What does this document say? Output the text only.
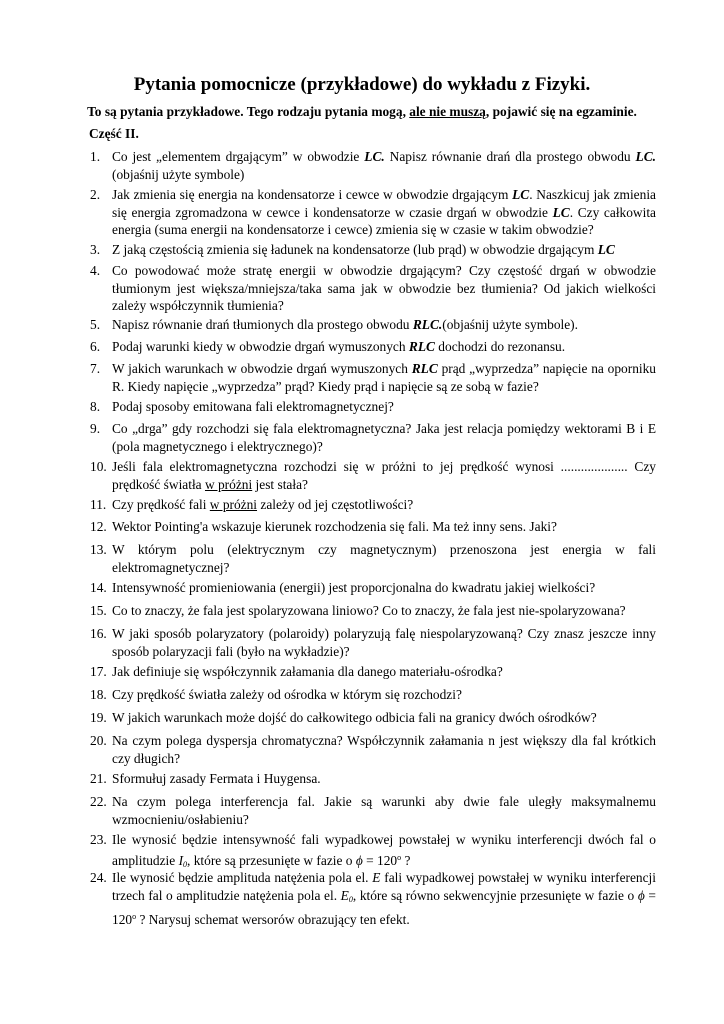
Pytania pomocnicze (przykładowe) do wykładu z Fizyki.

To są pytania przykładowe. Tego rodzaju pytania mogą, ale nie muszą, pojawić się na egzaminie.

Część II.

1. Co jest „elementem drgającym” w obwodzie LC. Napisz równanie drań dla prostego obwodu LC.(objaśnij użyte symbole)
2. Jak zmienia się energia na kondensatorze i cewce w obwodzie drgającym LC. Naszkicuj jak zmienia się energia zgromadzona w cewce i kondensatorze w czasie drgań w obwodzie LC. Czy całkowita energia (suma energii na kondensatorze i cewce) zmienia się w czasie w takim obwodzie?
3. Z jaką częstością zmienia się ładunek na kondensatorze (lub prąd) w obwodzie drgającym LC
4. Co powodować może stratę energii w obwodzie drgającym? Czy częstość drgań w obwodzie tłumionym jest większa/mniejsza/taka sama jak w obwodzie bez tłumienia? Od jakich wielkości zależy współczynnik tłumienia?
5. Napisz równanie drań tłumionych dla prostego obwodu RLC.(objaśnij użyte symbole).
6. Podaj warunki kiedy w obwodzie drgań wymuszonych RLC dochodzi do rezonansu.
7. W jakich warunkach w obwodzie drgań wymuszonych RLC prąd „wyprzedza” napięcie na oporniku R. Kiedy napięcie „wyprzedza” prąd? Kiedy prąd i napięcie są ze sobą w fazie?
8. Podaj sposoby emitowana fali elektromagnetycznej?
9. Co „drga” gdy rozchodzi się fala elektromagnetyczna? Jaka jest relacja pomiędzy wektorami B i E (pola magnetycznego i elektrycznego)?
10. Jeśli fala elektromagnetyczna rozchodzi się w próżni to jej prędkość wynosi .................... Czy prędkość światła w próżni jest stała?
11. Czy prędkość fali w próżni zależy od jej częstotliwości?
12. Wektor Pointing'a wskazuje kierunek rozchodzenia się fali. Ma też inny sens. Jaki?
13. W którym polu (elektrycznym czy magnetycznym) przenoszona jest energia w fali elektromagnetycznej?
14. Intensywność promieniowania (energii) jest proporcjonalna do kwadratu jakiej wielkości?
15. Co to znaczy, że fala jest spolaryzowana liniowo? Co to znaczy, że fala jest nie-spolaryzowana?
16. W jaki sposób polaryzatory (polaroidy) polaryzują falę niespolaryzowaną? Czy znasz jeszcze inny sposób polaryzacji fali (było na wykładzie)?
17. Jak definiuje się współczynnik załamania dla danego materiału-ośrodka?
18. Czy prędkość światła zależy od ośrodka w którym się rozchodzi?
19. W jakich warunkach może dojść do całkowitego odbicia fali na granicy dwóch ośrodków?
20. Na czym polega dyspersja chromatyczna? Współczynnik załamania n jest większy dla fal krótkich czy długich?
21. Sformułuj zasady Fermata i Huygensa.
22. Na czym polega interferencja fal. Jakie są warunki aby dwie fale uległy maksymalnemu wzmocnieniu/osłabieniu?
23. Ile wynosić będzie intensywność fali wypadkowej powstałej w wyniku interferencji dwóch fal o amplitudzie $I_0$, które są przesunięte w fazie o $\phi = 120^o$ ?
24. Ile wynosić będzie amplituda natężenia pola el. E fali wypadkowej powstałej w wyniku interferencji trzech fal o amplitudzie natężenia pola el. $E_0$, które są równo sekwencyjnie przesunięte w fazie o $\phi = 120^o$ ? Narysuj schemat wersorów obrazujący ten efekt.
